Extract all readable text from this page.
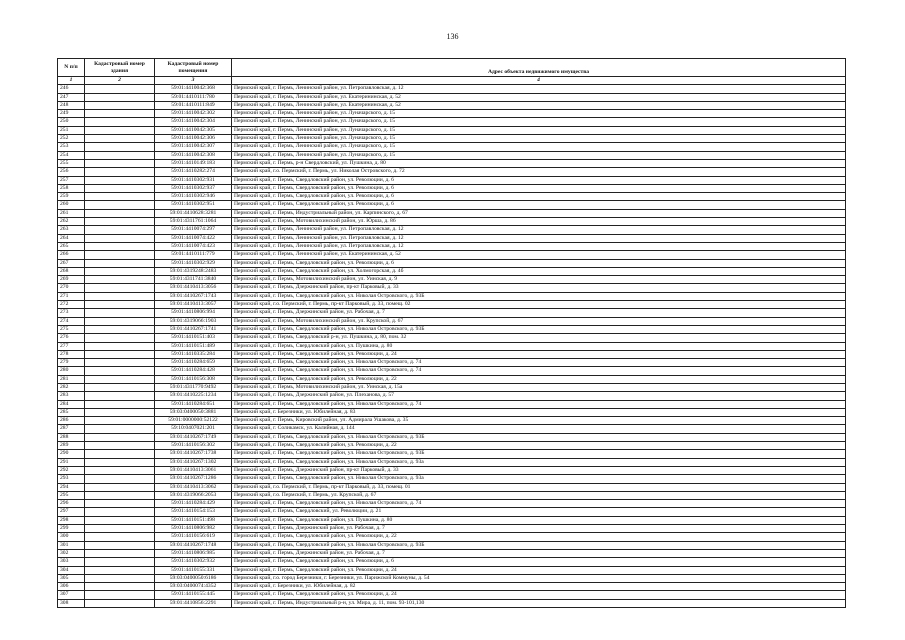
136
N п/п	Кадастровый номер здания	Кадастровый номер помещения	Адрес объекта недвижимого имущества
1	2	3	4
246		59:01:4410042:368	Пермский край, г. Пермь, Ленинский район, ул. Петропавловская, д. 12
247		59:01:4410111:780	Пермский край, г. Пермь, Ленинский район, ул. Екатерининская, д. 52
248		59:01:4410111:849	Пермский край, г. Пермь, Ленинский район, ул. Екатерининская, д. 52
249		59:01:4410042:302	Пермский край, г. Пермь, Ленинский район, ул. Луначарского, д. 15
250		59:01:4410042:304	Пермский край, г. Пермь, Ленинский район, ул. Луначарского, д. 15
251		59:01:4410042:305	Пермский край, г. Пермь, Ленинский район, ул. Луначарского, д. 15
252		59:01:4410042:306	Пермский край, г. Пермь, Ленинский район, ул. Луначарского, д. 15
253		59:01:4410042:307	Пермский край, г. Пермь, Ленинский район, ул. Луначарского, д. 15
254		59:01:4410042:308	Пермский край, г. Пермь, Ленинский район, ул. Луначарского, д. 15
255		59:01:4410149:183	Пермский край, г. Пермь, р-н Свердловский, ул. Пушкина, д. 80
256		59:01:4410282:274	Пермский край, г.о. Пермский, г. Пермь, ул. Николая Островского, д. 72
257		59:01:4410302:931	Пермский край, г. Пермь, Свердловский район, ул. Революции, д. 6
258		59:01:4410302:937	Пермский край, г. Пермь, Свердловский район, ул. Революции, д. 6
259		59:01:4410302:946	Пермский край, г. Пермь, Свердловский район, ул. Революции, д. 6
260		59:01:4410302:951	Пермский край, г. Пермь, Свердловский район, ул. Революции, д. 6
261		59:01:4410628:3281	Пермский край, г. Пермь, Индустриальный район, ул. Карпинского, д. 67
262		59:01:4311761:1064	Пермский край, г. Пермь, Мотовилихинский район, ул. Юрша, д. 86
263		59:01:4410074:297	Пермский край, г. Пермь, Ленинский район, ул. Петропавловская, д. 12
264		59:01:4410074:422	Пермский край, г. Пермь, Ленинский район, ул. Петропавловская, д. 12
265		59:01:4410074:423	Пермский край, г. Пермь, Ленинский район, ул. Петропавловская, д. 12
266		59:01:4410111:779	Пермский край, г. Пермь, Ленинский район, ул. Екатерининская, д. 52
267		59:01:4410302:929	Пермский край, г. Пермь, Свердловский район, ул. Революции, д. 6
268		59:01:4319248:2483	Пермский край, г. Пермь, Свердловский район, ул. Холмогорская, д. 4б
269		59:01:4311741:3840	Пермский край, г. Пермь, Мотовилихинский район, ул. Уинская, д. 9
270		59:01:4410413:3056	Пермский край, г. Пермь, Дзержинский район, пр-кт Парковый, д. 33
271		59:01:4410267:1743	Пермский край, г. Пермь, Свердловский район, ул. Николая Островского, д. 93Б
272		59:01:4410413:3057	Пермский край, г.о. Пермский, г. Пермь, пр-кт Парковый, д. 33, помещ. 02
273		59:01:4410806:994	Пермский край, г. Пермь, Дзержинский район, ул. Рабочая, д. 7
274		59:01:4319066:1903	Пермский край, г. Пермь, Мотовилихинский район, ул. Крупской, д. 67
275		59:01:4410267:1741	Пермский край, г. Пермь, Свердловский район, ул. Николая Островского, д. 93Б
276		59:01:4410151:403	Пермский край, г. Пермь, Свердловский р-н, ул. Пушкина, д. 80, пом. 32
277		59:01:4410151:489	Пермский край, г. Пермь, Свердловский район, ул. Пушкина, д. 80
278		59:01:4410335:284	Пермский край, г. Пермь, Свердловский район, ул. Революции, д. 24
279		59:01:4410284:659	Пермский край, г. Пермь, Свердловский район, ул. Николая Островского, д. 74
280		59:01:4410284:428	Пермский край, г. Пермь, Свердловский район, ул. Николая Островского, д. 74
281		59:01:4410156:308	Пермский край, г. Пермь, Свердловский район, ул. Революции, д. 22
282		59:01:4311770:9492	Пермский край, г. Пермь, Мотовилихинский район, ул. Уинская, д. 15а
283		59:01:4410225:1234	Пермский край, г. Пермь, Дзержинский район, ул. Плеханова, д. 57
284		59:01:4410284:651	Пермский край, г. Пермь, Свердловский район, ул. Николая Островского, д. 74
285		59:03:0400050:3881	Пермский край, г. Березники, ул. Юбилейная, д. 83
286		59:01:0000000:52122	Пермский край, г. Пермь, Кировский район, ул. Адмирала Ушакова, д. 35
287		59:10:0407021:201	Пермский край, г. Соликамск, ул. Калийная, д. 144
288		59:01:4410267:1749	Пермский край, г. Пермь, Свердловский район, ул. Николая Островского, д. 93Б
289		59:01:4410156:302	Пермский край, г. Пермь, Свердловский район, ул. Революции, д. 22
290		59:01:4410267:1738	Пермский край, г. Пермь, Свердловский район, ул. Николая Островского, д. 93Б
291		59:01:4410267:1302	Пермский край, г. Пермь, Свердловский район, ул. Николая Островского, д. 93а
292		59:01:4410413:3061	Пермский край, г. Пермь, Дзержинский район, пр-кт Парковый, д. 33
293		59:01:4410267:1286	Пермский край, г. Пермь, Свердловский район, ул. Николая Островского, д. 93а
294		59:01:4410413:3062	Пермский край, г.о. Пермский, г. Пермь, пр-кт Парковый, д. 33, помещ. 01
295		59:01:4319066:2053	Пермский край, г.о. Пермский, г. Пермь, ул. Крупской, д. 67
296		59:01:4410284:429	Пермский край, г. Пермь, Свердловский район, ул. Николая Островского, д. 74
297		59:01:4410154:153	Пермский край, г. Пермь, Свердловский, ул. Революции, д. 21
298		59:01:4410151:498	Пермский край, г. Пермь, Свердловский район, ул. Пушкина, д. 80
299		59:01:4410806:982	Пермский край, г. Пермь, Дзержинский район, ул. Рабочая, д. 7
300		59:01:4410156:619	Пермский край, г. Пермь, Свердловский район, ул. Революции, д. 22
301		59:01:4410267:1748	Пермский край, г. Пермь, Свердловский район, ул. Николая Островского, д. 93Б
302		59:01:4410806:985	Пермский край, г. Пермь, Дзержинский район, ул. Рабочая, д. 7
303		59:01:4410302:932	Пермский край, г. Пермь, Свердловский район, ул. Революции, д. 6
304		59:01:4410155:331	Пермский край, г. Пермь, Свердловский район, ул. Революции, д. 24
305		59:03:0400050:6186	Пермский край, г.о. город Березники, г. Березники, ул. Парижской Коммуны, д. 54
306		59:03:0400074:4352	Пермский край, г. Березники, ул. Юбилейная, д. 82
307		59:01:4410155:445	Пермский край, г. Пермь, Свердловский район, ул. Революции, д. 24
308		59:01:4410856:2291	Пермский край, г. Пермь, Индустриальный р-н, ул. Мира, д. 11, пом. 93-101,130
